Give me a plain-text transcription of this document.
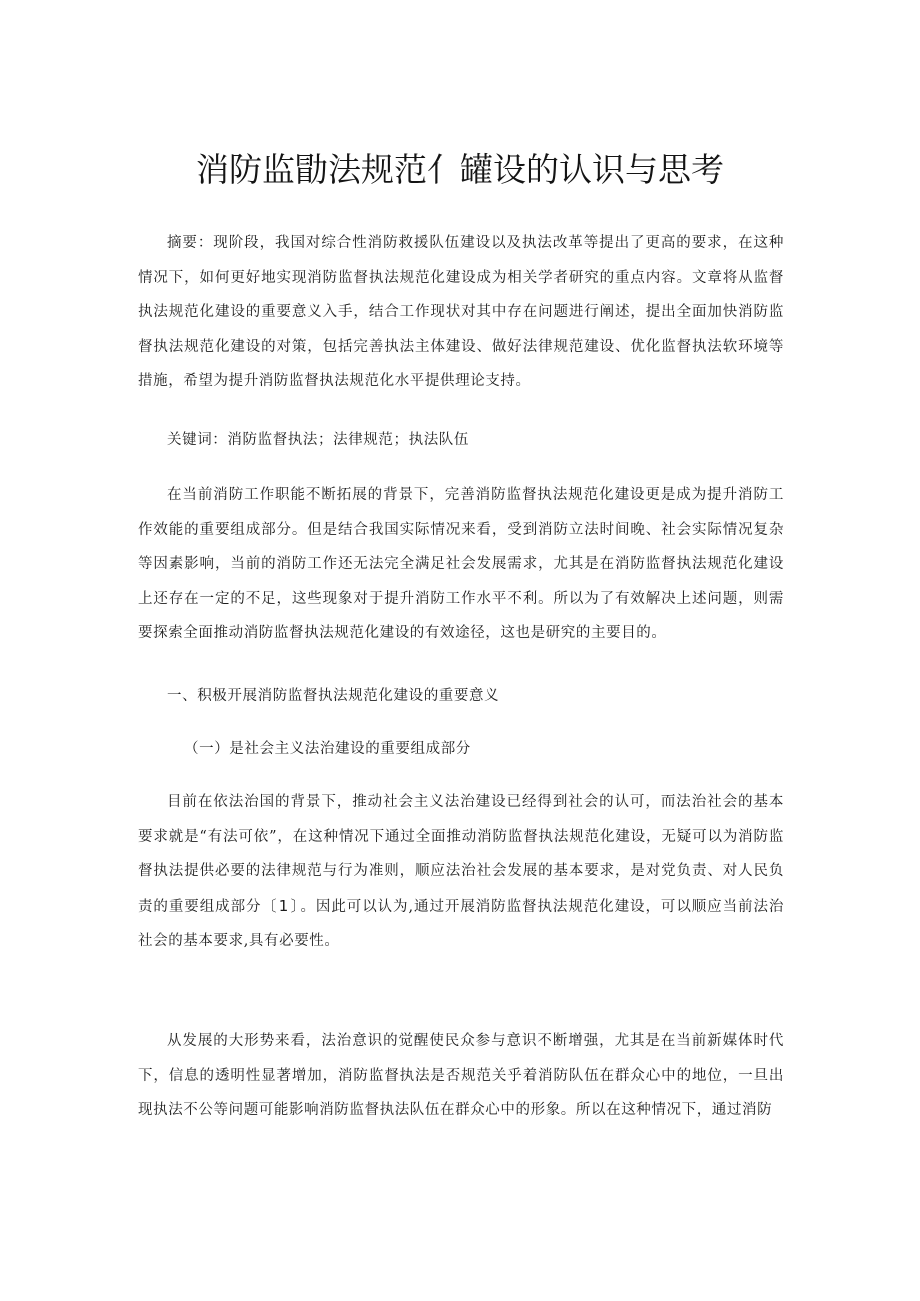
消防监勖法规范亻罐设的认识与思考

摘要：现阶段，我国对综合性消防救援队伍建设以及执法改革等提出了更高的要求，在这种情况下，如何更好地实现消防监督执法规范化建设成为相关学者研究的重点内容。文章将从监督执法规范化建设的重要意义入手，结合工作现状对其中存在问题进行阐述，提出全面加快消防监督执法规范化建设的对策，包括完善执法主体建设、做好法律规范建设、优化监督执法软环境等措施，希望为提升消防监督执法规范化水平提供理论支持。

关键词：消防监督执法；法律规范；执法队伍

在当前消防工作职能不断拓展的背景下，完善消防监督执法规范化建设更是成为提升消防工作效能的重要组成部分。但是结合我国实际情况来看，受到消防立法时间晚、社会实际情况复杂等因素影响，当前的消防工作还无法完全满足社会发展需求，尤其是在消防监督执法规范化建设上还存在一定的不足，这些现象对于提升消防工作水平不利。所以为了有效解决上述问题，则需要探索全面推动消防监督执法规范化建设的有效途径，这也是研究的主要目的。

一、积极开展消防监督执法规范化建设的重要意义

（一）是社会主义法治建设的重要组成部分

目前在依法治国的背景下，推动社会主义法治建设已经得到社会的认可，而法治社会的基本要求就是“有法可依”，在这种情况下通过全面推动消防监督执法规范化建设，无疑可以为消防监督执法提供必要的法律规范与行为准则，顺应法治社会发展的基本要求，是对党负责、对人民负责的重要组成部分〔1〕。因此可以认为,通过开展消防监督执法规范化建设，可以顺应当前法治社会的基本要求,具有必要性。

从发展的大形势来看，法治意识的觉醒使民众参与意识不断增强，尤其是在当前新媒体时代下，信息的透明性显著增加，消防监督执法是否规范关乎着消防队伍在群众心中的地位，一旦出现执法不公等问题可能影响消防监督执法队伍在群众心中的形象。所以在这种情况下，通过消防
